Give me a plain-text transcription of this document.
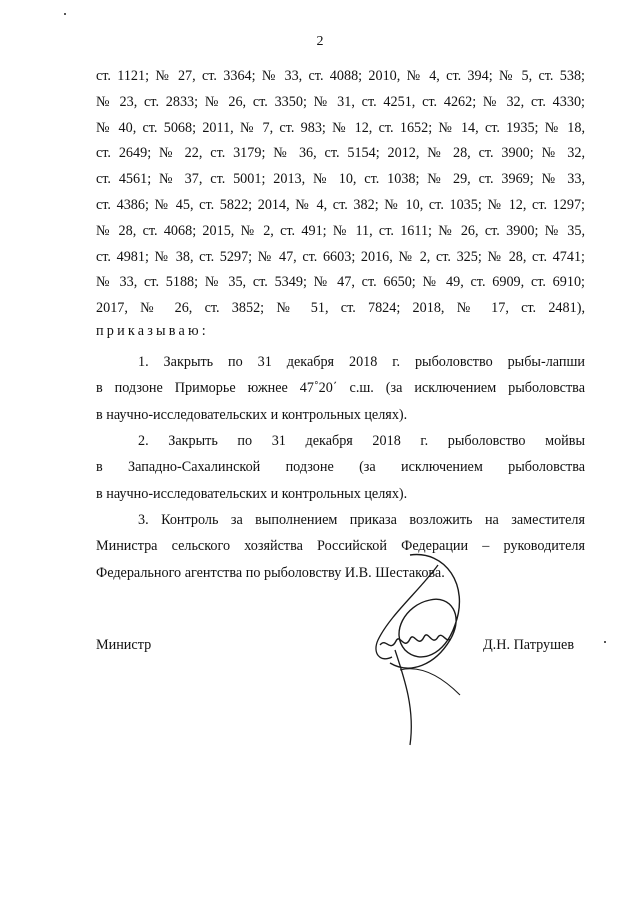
2
ст. 1121; № 27, ст. 3364; № 33, ст. 4088; 2010, № 4, ст. 394; № 5, ст. 538;
№ 23, ст. 2833; № 26, ст. 3350; № 31, ст. 4251, ст. 4262; № 32, ст. 4330;
№ 40, ст. 5068; 2011, № 7, ст. 983; № 12, ст. 1652; № 14, ст. 1935; № 18,
ст. 2649; № 22, ст. 3179; № 36, ст. 5154; 2012, № 28, ст. 3900; № 32,
ст. 4561; № 37, ст. 5001; 2013, № 10, ст. 1038; № 29, ст. 3969; № 33,
ст. 4386; № 45, ст. 5822; 2014, № 4, ст. 382; № 10, ст. 1035; № 12, ст. 1297;
№ 28, ст. 4068; 2015, № 2, ст. 491; № 11, ст. 1611; № 26, ст. 3900; № 35,
ст. 4981; № 38, ст. 5297; № 47, ст. 6603; 2016, № 2, ст. 325; № 28, ст. 4741;
№ 33, ст. 5188; № 35, ст. 5349; № 47, ст. 6650; № 49, ст. 6909, ст. 6910;
2017, № 26, ст. 3852; № 51, ст. 7824; 2018, № 17, ст. 2481),
приказываю:
1. Закрыть по 31 декабря 2018 г. рыболовство рыбы-лапши
в подзоне Приморье южнее 47˚20΄ с.ш. (за исключением рыболовства
в научно-исследовательских и контрольных целях).
2. Закрыть по 31 декабря 2018 г. рыболовство мойвы
в Западно-Сахалинской подзоне (за исключением рыболовства
в научно-исследовательских и контрольных целях).
3. Контроль за выполнением приказа возложить на заместителя
Министра сельского хозяйства Российской Федерации – руководителя
Федерального агентства по рыболовству И.В. Шестакова.
Министр	Д.Н. Патрушев
